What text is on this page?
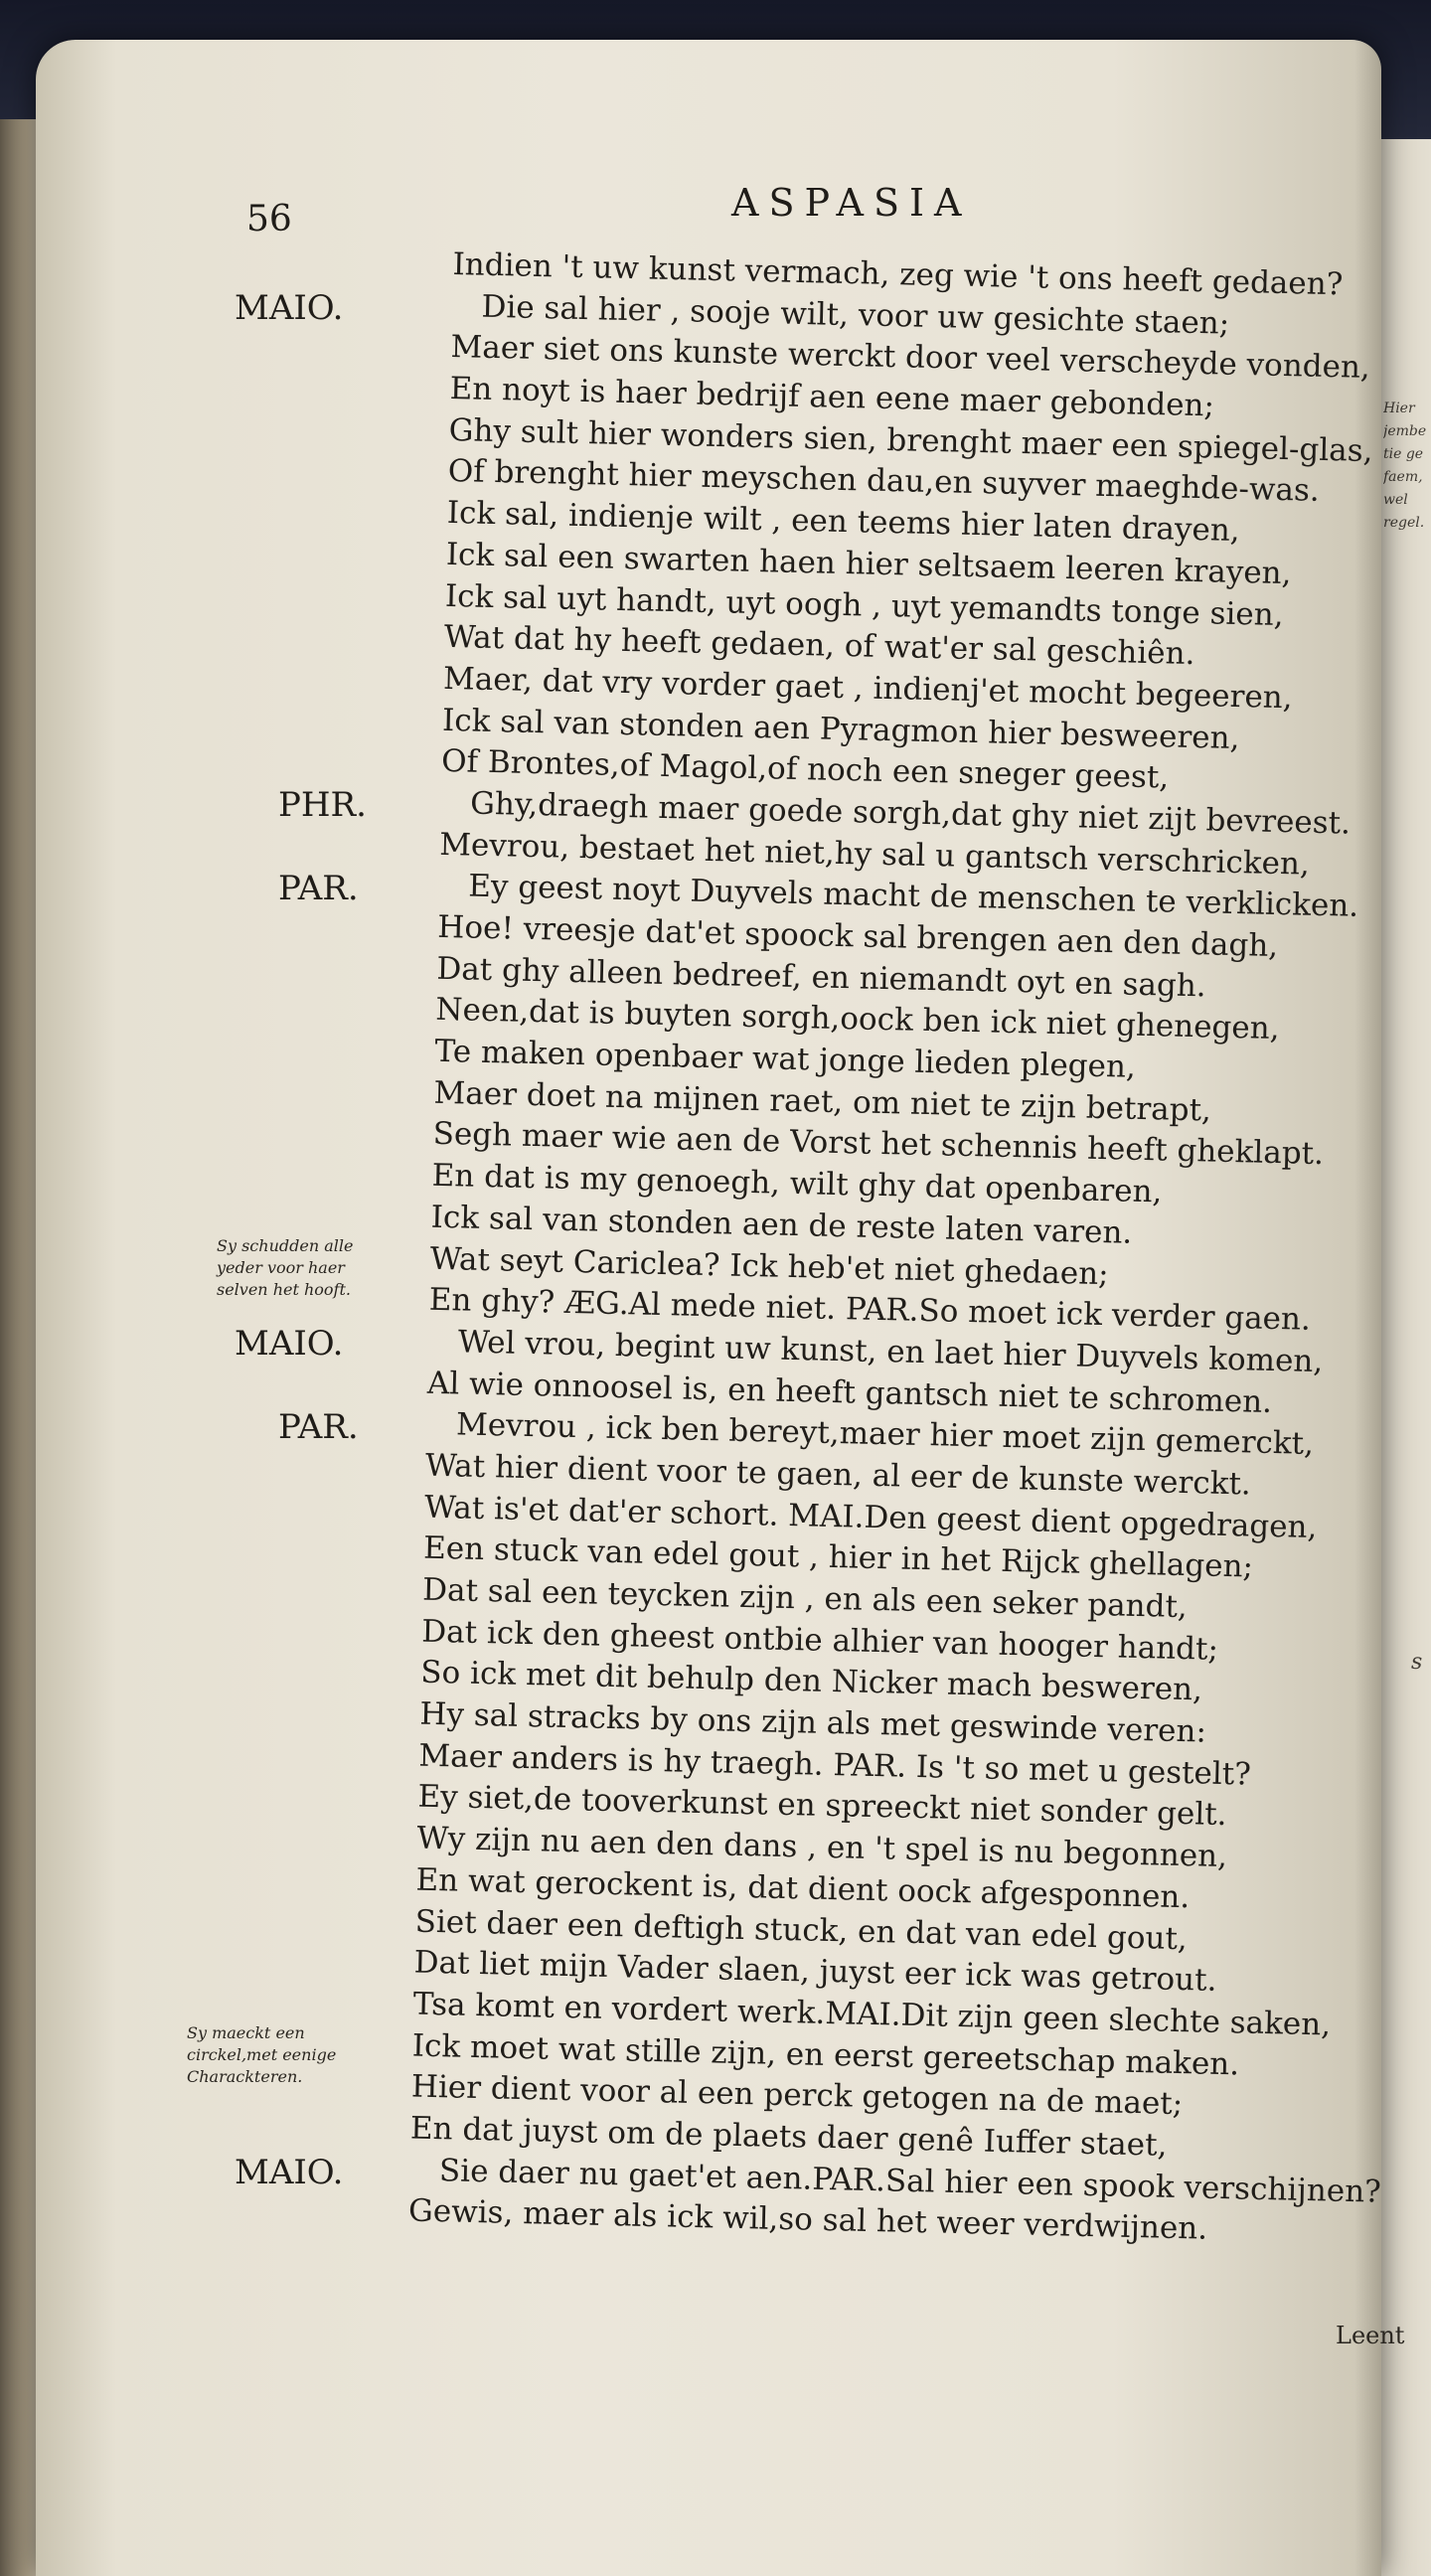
Hier
jembe
tie ge
faem,
wel
regel.
s
56	ASPASIA
Indien 't uw kunst vermach, zeg wie 't ons heeft gedaen?
Die sal hier , sooje wilt, voor uw gesichte staen;
Maer siet ons kunste werckt door veel verscheyde vonden,
En noyt is haer bedrijf aen eene maer gebonden;
Ghy sult hier wonders sien, brenght maer een spiegel-glas,
Of brenght hier meyschen dau,en suyver maeghde-was.
Ick sal, indienje wilt , een teems hier laten drayen,
Ick sal een swarten haen hier seltsaem leeren krayen,
Ick sal uyt handt, uyt oogh , uyt yemandts tonge sien,
Wat dat hy heeft gedaen, of wat'er sal geschiên.
Maer, dat vry vorder gaet , indienj'et mocht begeeren,
Ick sal van stonden aen Pyragmon hier besweeren,
Of Brontes,of Magol,of noch een sneger geest,
Ghy,draegh maer goede sorgh,dat ghy niet zijt bevreest.
Mevrou, bestaet het niet,hy sal u gantsch verschricken,
Ey geest noyt Duyvels macht de menschen te verklicken.
Hoe! vreesje dat'et spoock sal brengen aen den dagh,
Dat ghy alleen bedreef, en niemandt oyt en sagh.
Neen,dat is buyten sorgh,oock ben ick niet ghenegen,
Te maken openbaer wat jonge lieden plegen,
Maer doet na mijnen raet, om niet te zijn betrapt,
Segh maer wie aen de Vorst het schennis heeft gheklapt.
En dat is my genoegh, wilt ghy dat openbaren,
Ick sal van stonden aen de reste laten varen.
Wat seyt Cariclea? Ick heb'et niet ghedaen;
En ghy? ÆG.Al mede niet. PAR.So moet ick verder gaen.
Wel vrou, begint uw kunst, en laet hier Duyvels komen,
Al wie onnoosel is, en heeft gantsch niet te schromen.
Mevrou , ick ben bereyt,maer hier moet zijn gemerckt,
Wat hier dient voor te gaen, al eer de kunste werckt.
Wat is'et dat'er schort. MAI.Den geest dient opgedragen,
Een stuck van edel gout , hier in het Rijck ghellagen;
Dat sal een teycken zijn , en als een seker pandt,
Dat ick den gheest ontbie alhier van hooger handt;
So ick met dit behulp den Nicker mach besweren,
Hy sal stracks by ons zijn als met geswinde veren:
Maer anders is hy traegh. PAR. Is 't so met u gestelt?
Ey siet,de tooverkunst en spreeckt niet sonder gelt.
Wy zijn nu aen den dans , en 't spel is nu begonnen,
En wat gerockent is, dat dient oock afgesponnen.
Siet daer een deftigh stuck, en dat van edel gout,
Dat liet mijn Vader slaen, juyst eer ick was getrout.
Tsa komt en vordert werk.MAI.Dit zijn geen slechte saken,
Ick moet wat stille zijn, en eerst gereetschap maken.
Hier dient voor al een perck getogen na de maet;
En dat juyst om de plaets daer genê Iuffer staet,
Sie daer nu gaet'et aen.PAR.Sal hier een spook verschijnen?
Gewis, maer als ick wil,so sal het weer verdwijnen.
Leent
MAIO.
PHR.
PAR.
MAIO.
PAR.
MAIO.
Sy schudden alle
yeder voor haer
selven het hooft.
Sy maeckt een
circkel,met eenige
Charackteren.
